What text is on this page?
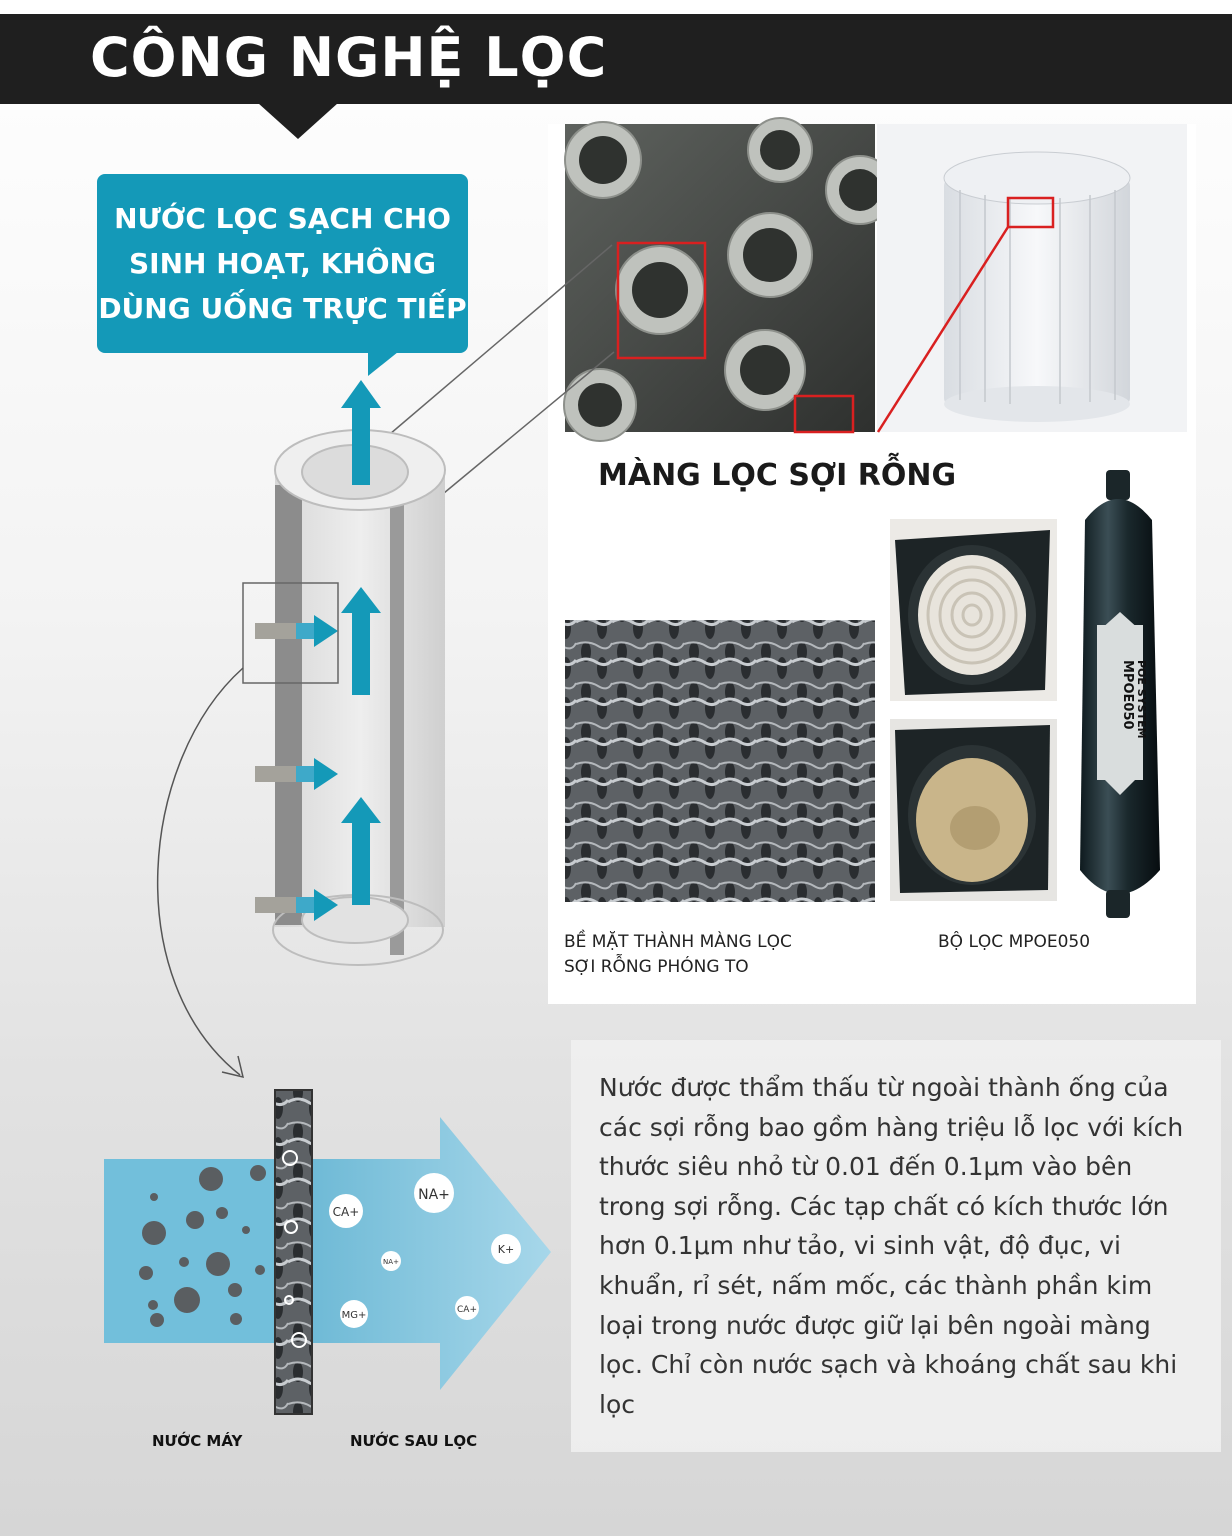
CÔNG NGHỆ LỌC
NƯỚC LỌC SẠCH CHO
SINH HOẠT, KHÔNG
DÙNG UỐNG TRỰC TIẾP
MPOE050 POE SYSTEM
NA+
CA+
K+
NA+
MG+	CA+
MÀNG LỌC SỢI RỖNG
BỀ MẶT THÀNH MÀNG LỌC
SỢI RỖNG PHÓNG TO
BỘ LỌC MPOE050
Nước được thẩm thấu từ ngoài thành ống của các sợi rỗng bao gồm hàng triệu lỗ lọc với kích thước siêu nhỏ từ 0.01 đến 0.1μm vào bên trong sợi rỗng. Các tạp chất có kích thước lớn hơn 0.1μm như tảo, vi sinh vật, độ đục, vi khuẩn, rỉ sét, nấm mốc, các thành phần kim loại trong nước được giữ lại bên ngoài màng lọc. Chỉ còn nước sạch và khoáng chất sau khi lọc
NƯỚC MÁY	NƯỚC SAU LỌC
